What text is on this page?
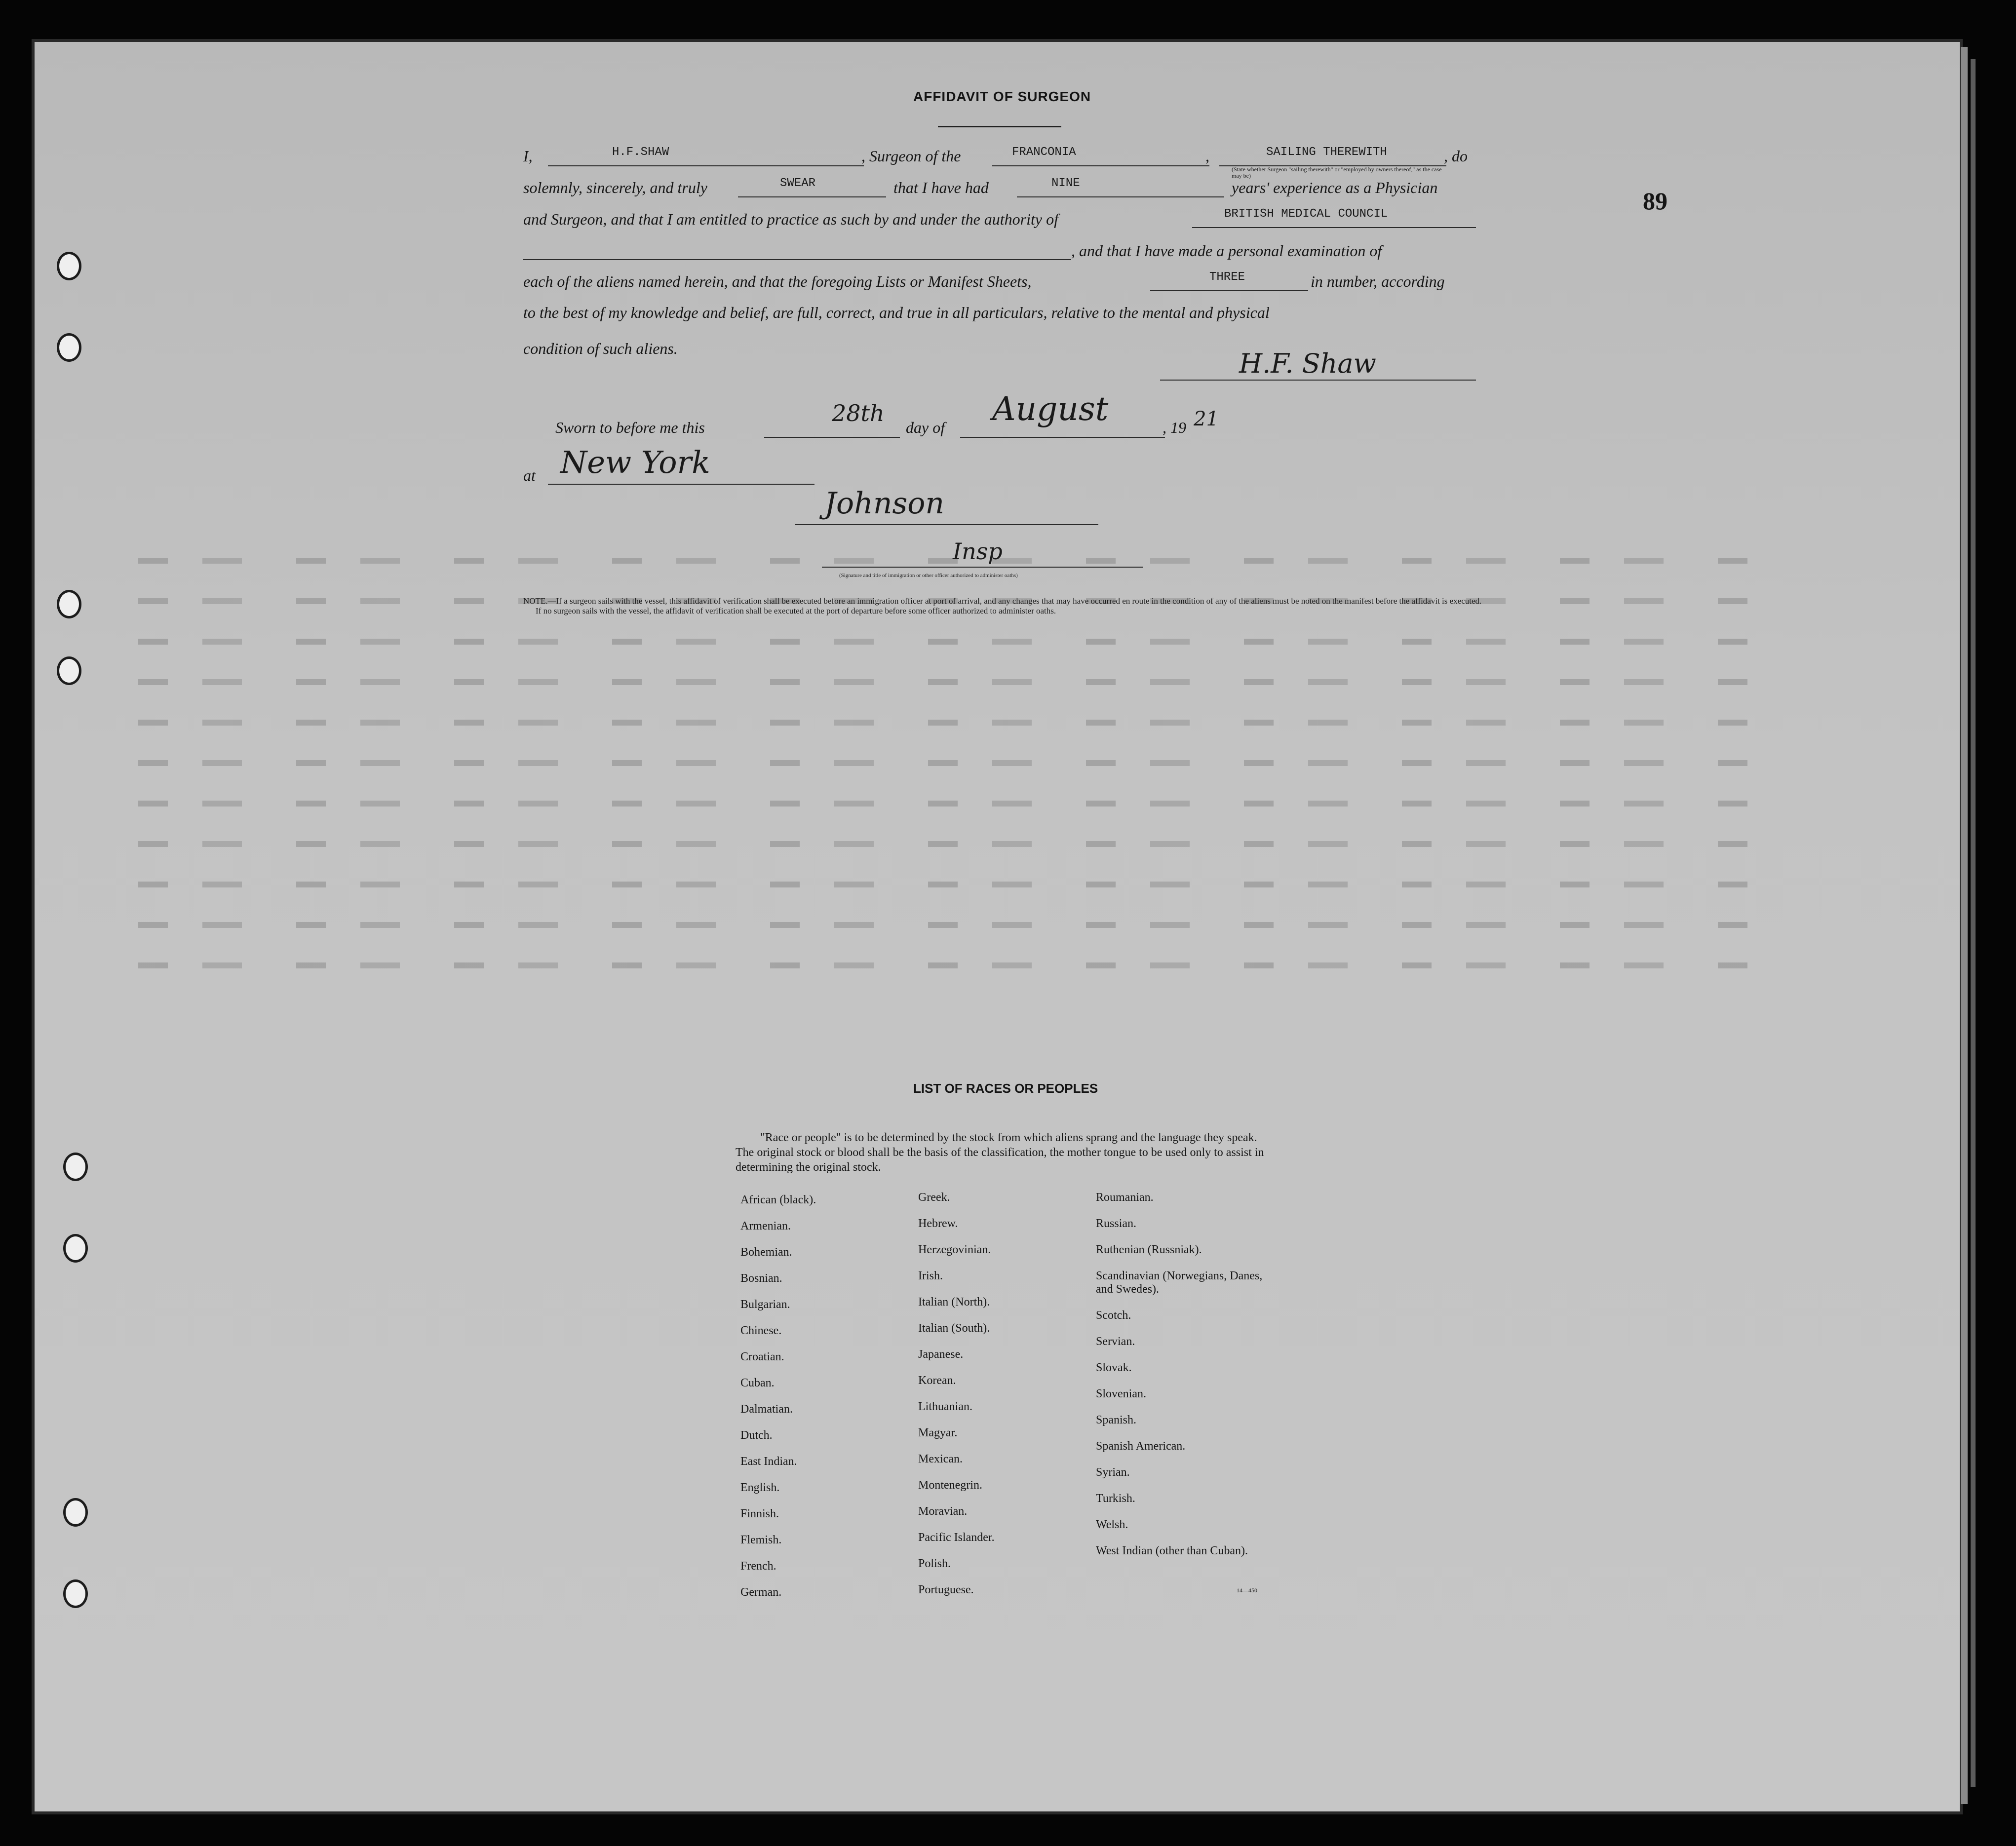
AFFIDAVIT OF SURGEON
89
I,	H.F.SHAW	, Surgeon of the	FRANCONIA	,	SAILING THEREWITH	, do
(State whether Surgeon "sailing therewith" or "employed by owners thereof," as the case may be)
solemnly, sincerely, and truly	SWEAR	that I have had	NINE	years' experience as a Physician
and Surgeon, and that I am entitled to practice as such by and under the authority of	BRITISH MEDICAL COUNCIL
, and that I have made a personal examination of
each of the aliens named herein, and that the foregoing Lists or Manifest Sheets,	THREE	in number, according
to the best of my knowledge and belief, are full, correct, and true in all particulars, relative to the mental and physical
condition of such aliens.	H.F. Shaw
Sworn to before me this
28th
day of August	, 19 21
at New York
Johnson
Insp
(Signature and title of immigration or other officer authorized to administer oaths)
NOTE.—If a surgeon sails with the vessel, this affidavit of verification shall be executed before an immigration officer at port of arrival, and any changes that may have occurred en route in the condition of any of the aliens must be noted on the manifest before the affidavit is executed.
If no surgeon sails with the vessel, the affidavit of verification shall be executed at the port of departure before some officer authorized to administer oaths.
LIST OF RACES OR PEOPLES
"Race or people" is to be determined by the stock from which aliens sprang and the language they speak. The original stock or blood shall be the basis of the classification, the mother tongue to be used only to assist in determining the original stock.
African (black).
Armenian.
Bohemian.
Bosnian.
Bulgarian.
Chinese.
Croatian.
Cuban.
Dalmatian.
Dutch.
East Indian.
English.
Finnish.
Flemish.
French.
German.
Greek.
Hebrew.
Herzegovinian.
Irish.
Italian (North).
Italian (South).
Japanese.
Korean.
Lithuanian.
Magyar.
Mexican.
Montenegrin.
Moravian.
Pacific Islander.
Polish.
Portuguese.
Roumanian.
Russian.
Ruthenian (Russniak).
Scandinavian (Norwegians, Danes, and Swedes).
Scotch.
Servian.
Slovak.
Slovenian.
Spanish.
Spanish American.
Syrian.
Turkish.
Welsh.
West Indian (other than Cuban).
14—450
